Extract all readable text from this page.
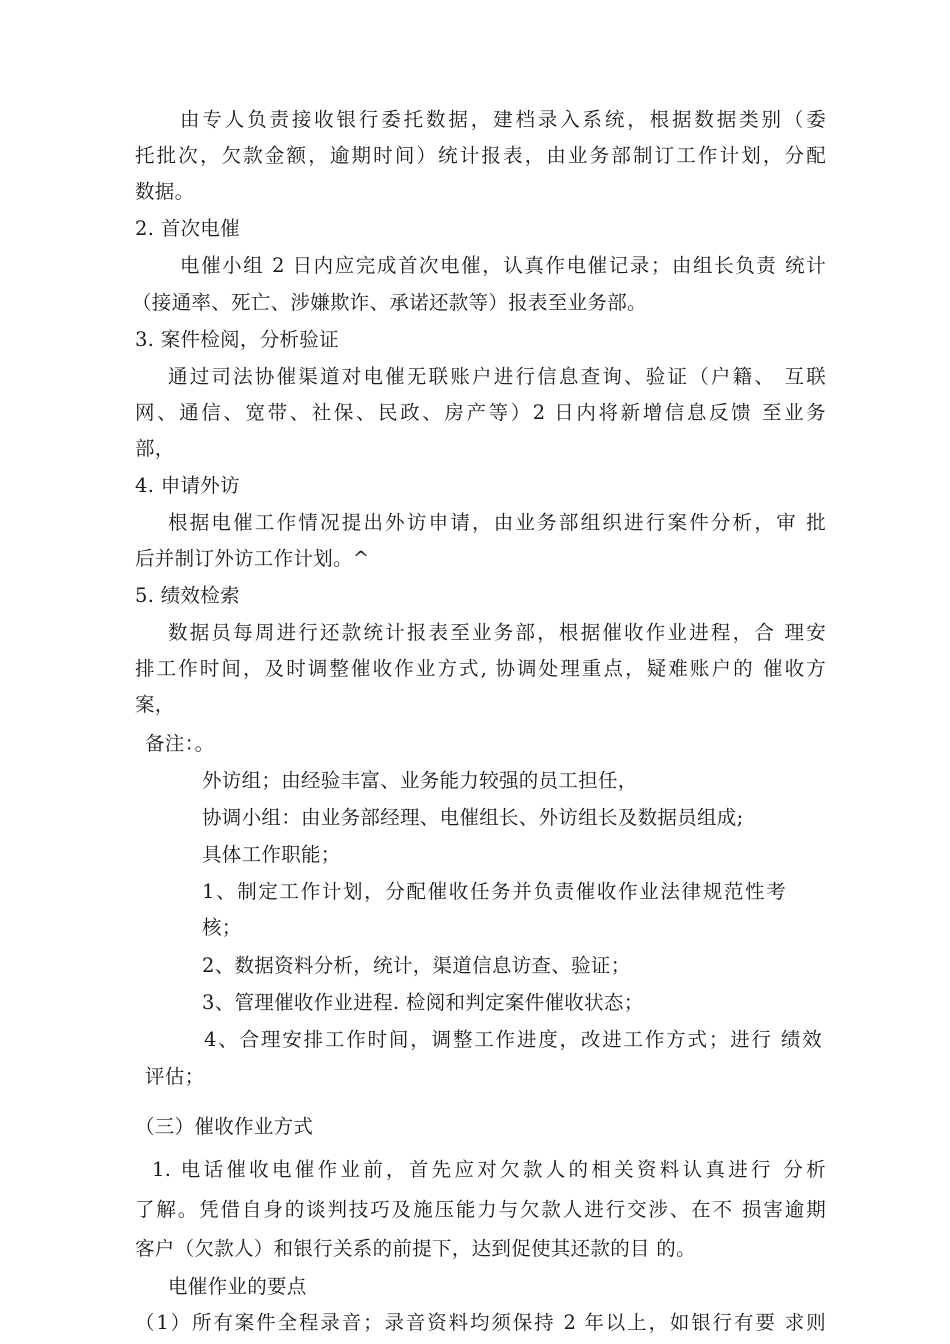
由专人负责接收银行委托数据，建档录入系统，根据数据类别（委
托批次，欠款金额，逾期时间）统计报表，由业务部制订工作计划，分配
数据。
2. 首次电催
电催小组 2 日内应完成首次电催，认真作电催记录；由组长负责 统计
（接通率、死亡、涉嫌欺诈、承诺还款等）报表至业务部。
3. 案件检阅，分析验证
通过司法协催渠道对电催无联账户进行信息查询、验证（户籍、 互联
网、通信、宽带、社保、民政、房产等）2 日内将新增信息反馈 至业务
部，
4. 申请外访
根据电催工作情况提出外访申请，由业务部组织进行案件分析，审 批
后并制订外访工作计划。^
5. 绩效检索
数据员每周进行还款统计报表至业务部，根据催收作业进程，合 理安
排工作时间，及时调整催收作业方式, 协调处理重点，疑难账户的 催收方
案，
备注：。
外访组；由经验丰富、业务能力较强的员工担任，
协调小组：由业务部经理、电催组长、外访组长及数据员组成;
具体工作职能；
1、制定工作计划，分配催收任务并负责催收作业法律规范性考
核；
2、数据资料分析，统计，渠道信息访查、验证；
3、管理催收作业进程. 检阅和判定案件催收状态；
4、合理安排工作时间，调整工作进度，改进工作方式；进行 绩效
评估；
（三）催收作业方式
1. 电话催收电催作业前，首先应对欠款人的相关资料认真进行 分析
了解。凭借自身的谈判技巧及施压能力与欠款人进行交涉、在不 损害逾期
客户（欠款人）和银行关系的前提下，达到促使其还款的目 的。
电催作业的要点
（1）所有案件全程录音；录音资料均须保持 2 年以上，如银行有要 求则
